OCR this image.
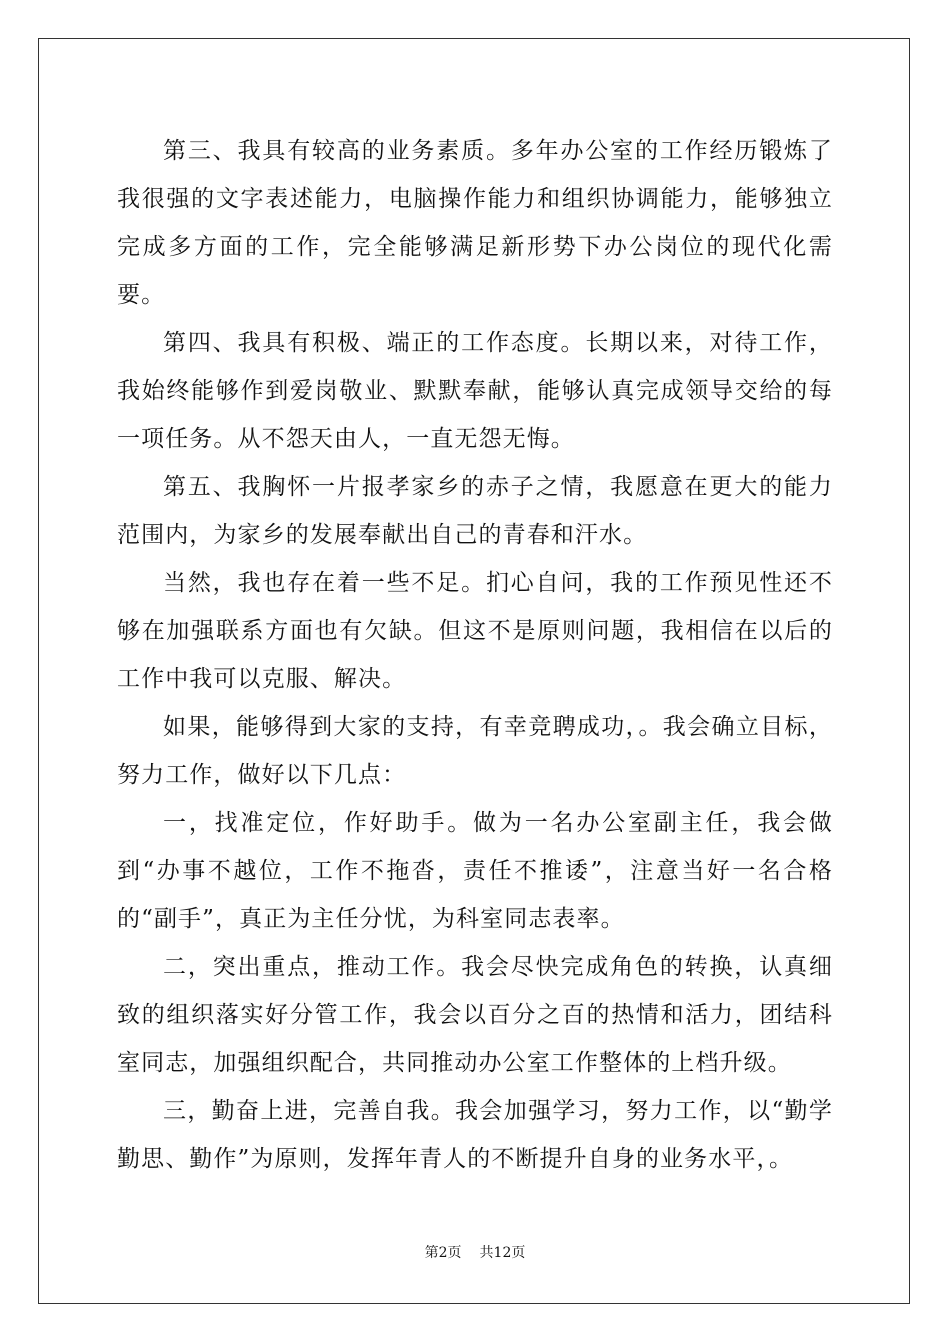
第三、我具有较高的业务素质。多年办公室的工作经历锻炼了我很强的文字表述能力，电脑操作能力和组织协调能力，能够独立完成多方面的工作，完全能够满足新形势下办公岗位的现代化需要。

第四、我具有积极、端正的工作态度。长期以来，对待工作，我始终能够作到爱岗敬业、默默奉献，能够认真完成领导交给的每一项任务。从不怨天由人，一直无怨无悔。

第五、我胸怀一片报孝家乡的赤子之情，我愿意在更大的能力范围内，为家乡的发展奉献出自己的青春和汗水。

当然，我也存在着一些不足。扪心自问，我的工作预见性还不够在加强联系方面也有欠缺。但这不是原则问题，我相信在以后的工作中我可以克服、解决。

如果，能够得到大家的支持，有幸竞聘成功，。我会确立目标，努力工作，做好以下几点：

一，找准定位，作好助手。做为一名办公室副主任，我会做到“办事不越位，工作不拖沓，责任不推诿”，注意当好一名合格的“副手”，真正为主任分忧，为科室同志表率。

二，突出重点，推动工作。我会尽快完成角色的转换，认真细致的组织落实好分管工作，我会以百分之百的热情和活力，团结科室同志，加强组织配合，共同推动办公室工作整体的上档升级。

三，勤奋上进，完善自我。我会加强学习，努力工作，以“勤学勤思、勤作”为原则，发挥年青人的不断提升自身的业务水平，。

第2页 共12页
